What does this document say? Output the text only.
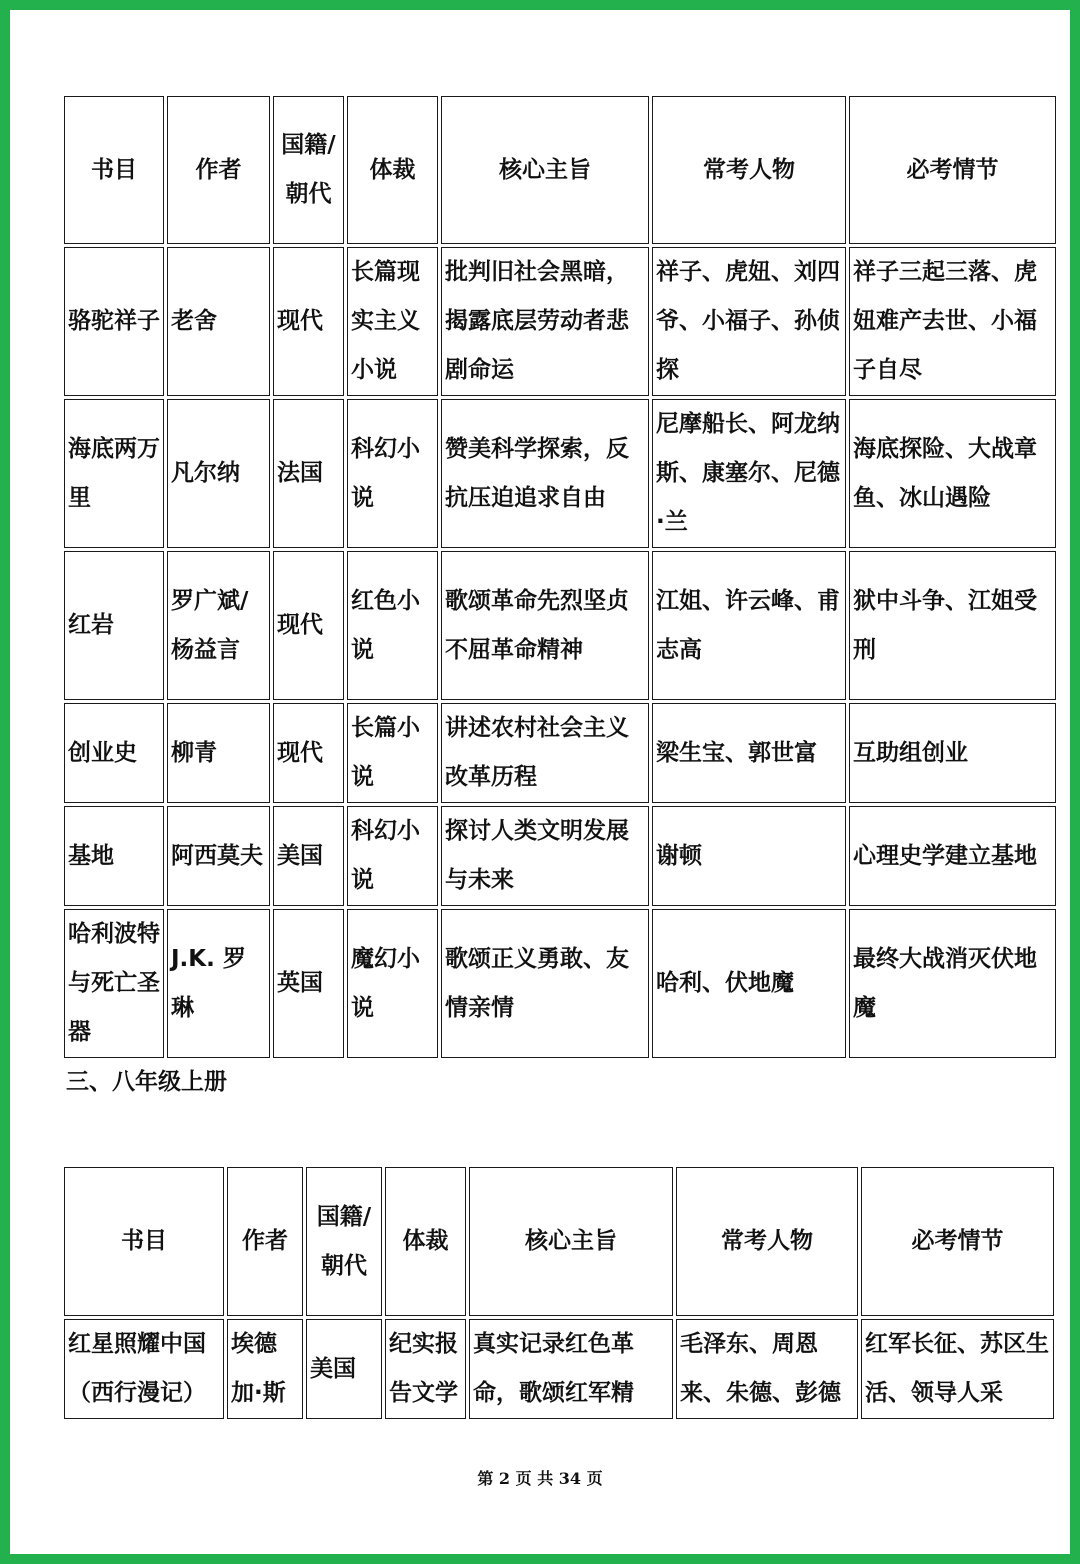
书目	作者	国籍/朝代	体裁	核心主旨	常考人物	必考情节
骆驼祥子	老舍	现代	长篇现实主义小说	批判旧社会黑暗，揭露底层劳动者悲剧命运	祥子、虎妞、刘四爷、小福子、孙侦探	祥子三起三落、虎妞难产去世、小福子自尽
海底两万里	凡尔纳	法国	科幻小说	赞美科学探索，反抗压迫追求自由	尼摩船长、阿龙纳斯、康塞尔、尼德·兰	海底探险、大战章鱼、冰山遇险
红岩	罗广斌/杨益言	现代	红色小说	歌颂革命先烈坚贞不屈革命精神	江姐、许云峰、甫志高	狱中斗争、江姐受刑
创业史	柳青	现代	长篇小说	讲述农村社会主义改革历程	梁生宝、郭世富	互助组创业
基地	阿西莫夫	美国	科幻小说	探讨人类文明发展与未来	谢顿	心理史学建立基地
哈利波特与死亡圣器	J.K. 罗琳	英国	魔幻小说	歌颂正义勇敢、友情亲情	哈利、伏地魔	最终大战消灭伏地魔
三、八年级上册
书目	作者	国籍/朝代	体裁	核心主旨	常考人物	必考情节
红星照耀中国（西行漫记）	埃德加·斯	美国	纪实报告文学	真实记录红色革命，歌颂红军精	毛泽东、周恩来、朱德、彭德	红军长征、苏区生活、领导人采
第 2 页 共 34 页
